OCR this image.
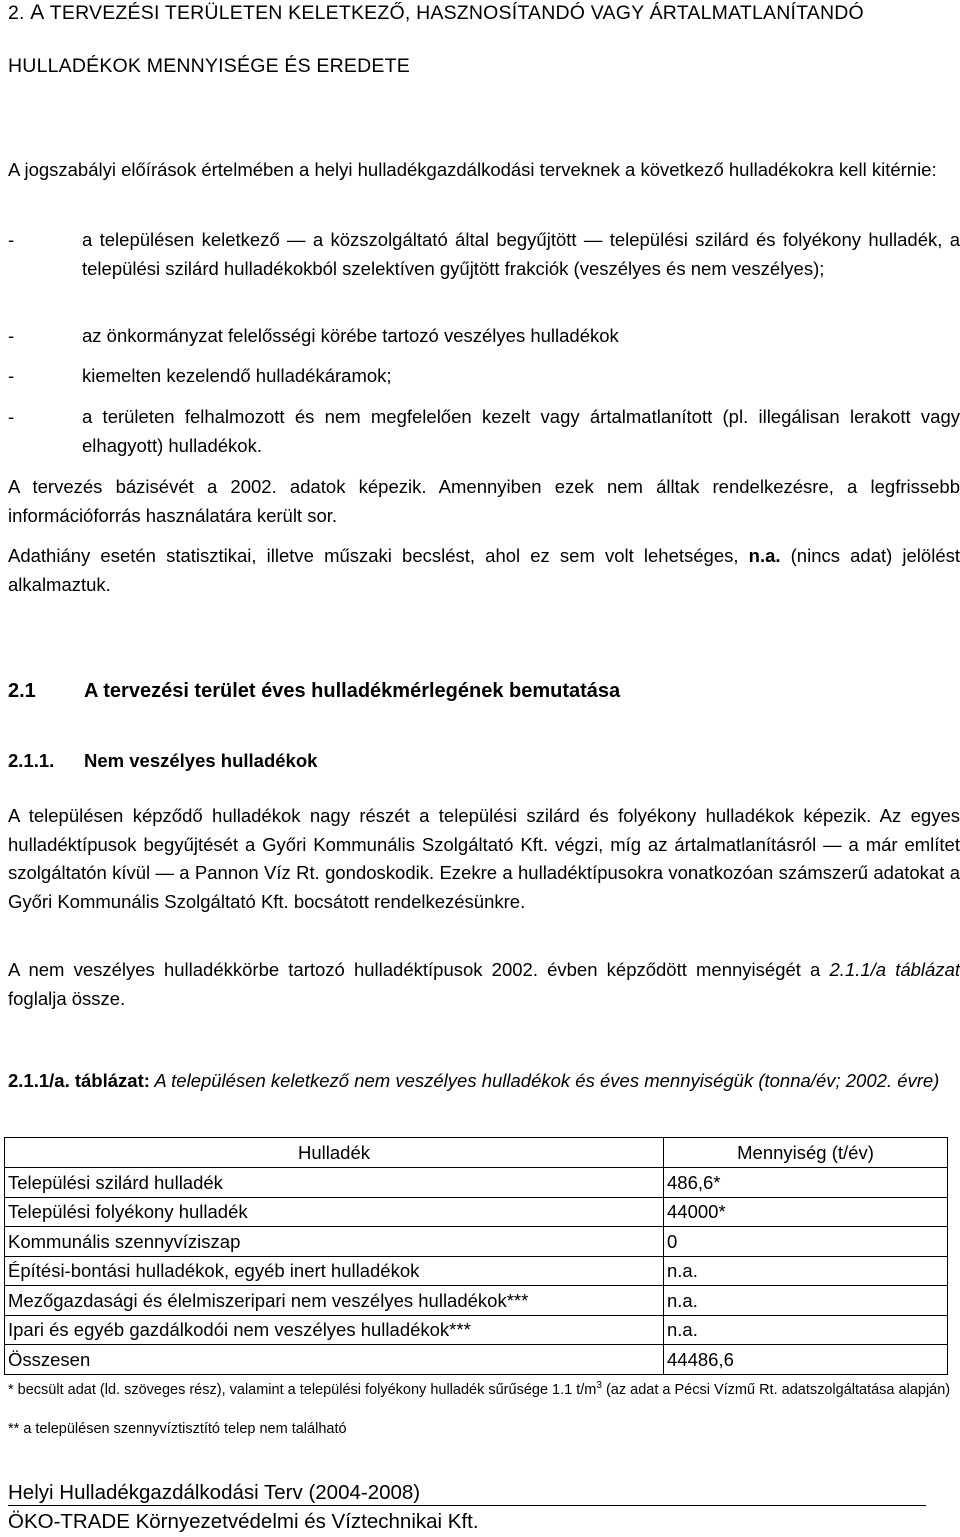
2. A TERVEZÉSI TERÜLETEN KELETKEZŐ, HASZNOSÍTANDÓ VAGY ÁRTALMATLANÍTANDÓ
HULLADÉKOK MENNYISÉGE ÉS EREDETE
A jogszabályi előírások értelmében a helyi hulladékgazdálkodási terveknek a következő hulladékokra kell kitérnie:
-	a településen keletkező — a közszolgáltató által begyűjtött — települési szilárd és folyékony hulladék, a települési szilárd hulladékokból szelektíven gyűjtött frakciók (veszélyes és nem veszélyes);
-	az önkormányzat felelősségi körébe tartozó veszélyes hulladékok
-	kiemelten kezelendő hulladékáramok;
-	a területen felhalmozott és nem megfelelően kezelt vagy ártalmatlanított (pl. illegálisan lerakott vagy elhagyott) hulladékok.
A tervezés bázisévét a 2002. adatok képezik. Amennyiben ezek nem álltak rendelkezésre, a legfrissebb információforrás használatára került sor.
Adathiány esetén statisztikai, illetve műszaki becslést, ahol ez sem volt lehetséges, n.a. (nincs adat) jelölést alkalmaztuk.
2.1 A tervezési terület éves hulladékmérlegének bemutatása
2.1.1. Nem veszélyes hulladékok
A településen képződő hulladékok nagy részét a települési szilárd és folyékony hulladékok képezik. Az egyes hulladéktípusok begyűjtését a Győri Kommunális Szolgáltató Kft. végzi, míg az ártalmatlanításról — a már említet szolgáltatón kívül — a Pannon Víz Rt. gondoskodik. Ezekre a hulladéktípusokra vonatkozóan számszerű adatokat a Győri Kommunális Szolgáltató Kft. bocsátott rendelkezésünkre.
A nem veszélyes hulladékkörbe tartozó hulladéktípusok 2002. évben képződött mennyiségét a 2.1.1/a táblázat foglalja össze.
2.1.1/a. táblázat: A településen keletkező nem veszélyes hulladékok és éves mennyiségük (tonna/év; 2002. évre)
Hulladék	Mennyiség (t/év)
Települési szilárd hulladék	486,6*
Települési folyékony hulladék	44000*
Kommunális szennyvíziszap	0
Építési-bontási hulladékok, egyéb inert hulladékok	n.a.
Mezőgazdasági és élelmiszeripari nem veszélyes hulladékok***	n.a.
Ipari és egyéb gazdálkodói nem veszélyes hulladékok***	n.a.
Összesen	44486,6
* becsült adat (ld. szöveges rész), valamint a települési folyékony hulladék sűrűsége 1.1 $t/m^3$ (az adat a Pécsi Vízmű Rt. adatszolgáltatása alapján)
** a településen szennyvíztisztító telep nem található
Helyi Hulladékgazdálkodási Terv (2004-2008)
ÖKO-TRADE Környezetvédelmi és Víztechnikai Kft.
